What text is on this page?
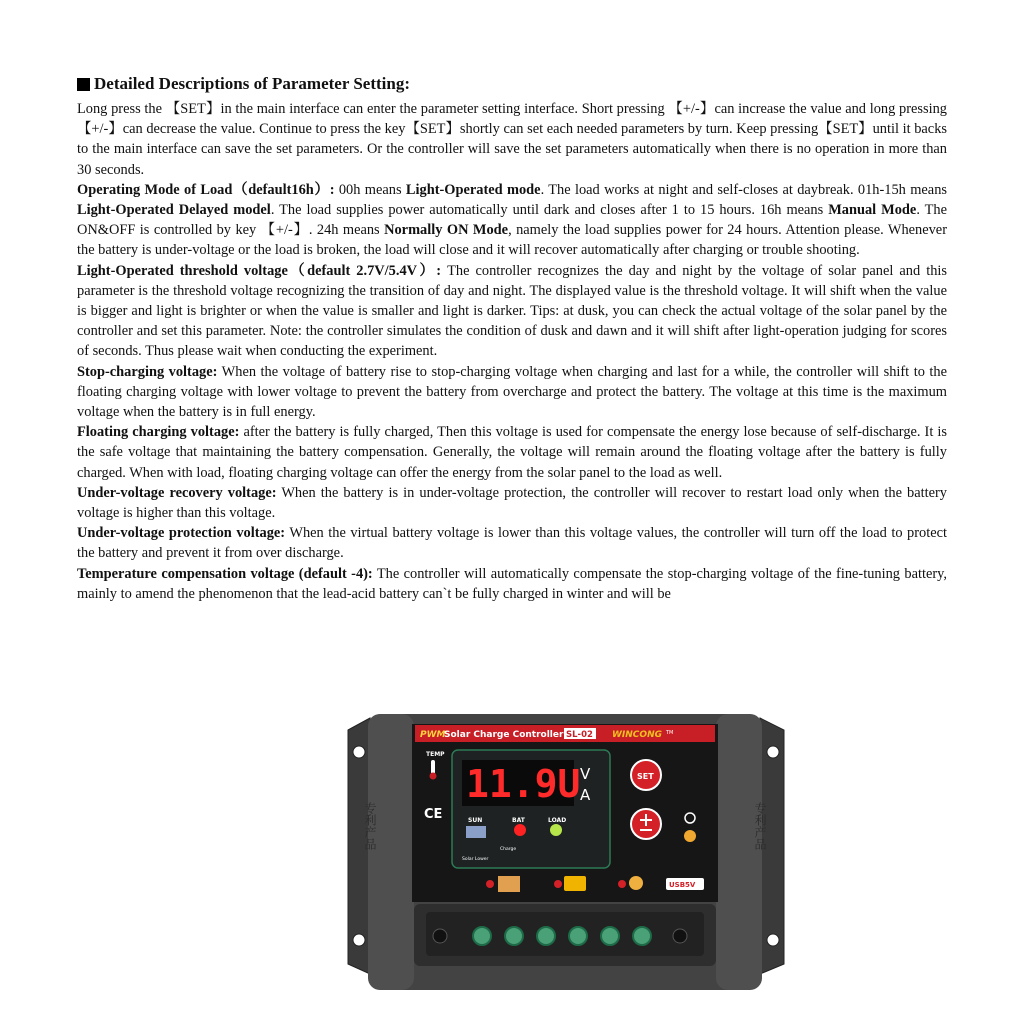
Detailed Descriptions of Parameter Setting:

Long press the 【SET】in the main interface can enter the parameter setting interface. Short pressing 【+/-】can increase the value and long pressing【+/-】can decrease the value. Continue to press the key【SET】shortly can set each needed parameters by turn. Keep pressing【SET】until it backs to the main interface can save the set parameters. Or the controller will save the set parameters automatically when there is no operation in more than 30 seconds.

Operating Mode of Load（default16h）: 00h means Light-Operated mode. The load works at night and self-closes at daybreak. 01h-15h means Light-Operated Delayed model. The load supplies power automatically until dark and closes after 1 to 15 hours. 16h means Manual Mode. The ON&OFF is controlled by key 【+/-】. 24h means Normally ON Mode, namely the load supplies power for 24 hours. Attention please. Whenever the battery is under-voltage or the load is broken, the load will close and it will recover automatically after charging or trouble shooting.

Light-Operated threshold voltage（default 2.7V/5.4V）: The controller recognizes the day and night by the voltage of solar panel and this parameter is the threshold voltage recognizing the transition of day and night. The displayed value is the threshold voltage. It will shift when the value is bigger and light is brighter or when the value is smaller and light is darker. Tips: at dusk, you can check the actual voltage of the solar panel by the controller and set this parameter. Note: the controller simulates the condition of dusk and dawn and it will shift after light-operation judging for scores of seconds. Thus please wait when conducting the experiment.

Stop-charging voltage: When the voltage of battery rise to stop-charging voltage when charging and last for a while, the controller will shift to the floating charging voltage with lower voltage to prevent the battery from overcharge and protect the battery. The voltage at this time is the maximum voltage when the battery is in full energy.

Floating charging voltage: after the battery is fully charged, Then this voltage is used for compensate the energy lose because of self-discharge. It is the safe voltage that maintaining the battery compensation. Generally, the voltage will remain around the floating voltage after the battery is fully charged. When with load, floating charging voltage can offer the energy from the solar panel to the load as well.

Under-voltage recovery voltage: When the battery is in under-voltage protection, the controller will recover to restart load only when the battery voltage is higher than this voltage.

Under-voltage protection voltage: When the virtual battery voltage is lower than this voltage values, the controller will turn off the load to protect the battery and prevent it from over discharge.

Temperature compensation voltage (default -4): The controller will automatically compensate the stop-charging voltage of the fine-tuning battery, mainly to amend the phenomenon that the lead-acid battery can`t be fully charged in winter and will be

专利产品	专利产品
PWM
Solar Charge Controller SL-02 WINCONG TM
TEMP
CE
11.9U V
A
SUN	BAT	LOAD
Charge
Solar Lower
SET
USB5V
